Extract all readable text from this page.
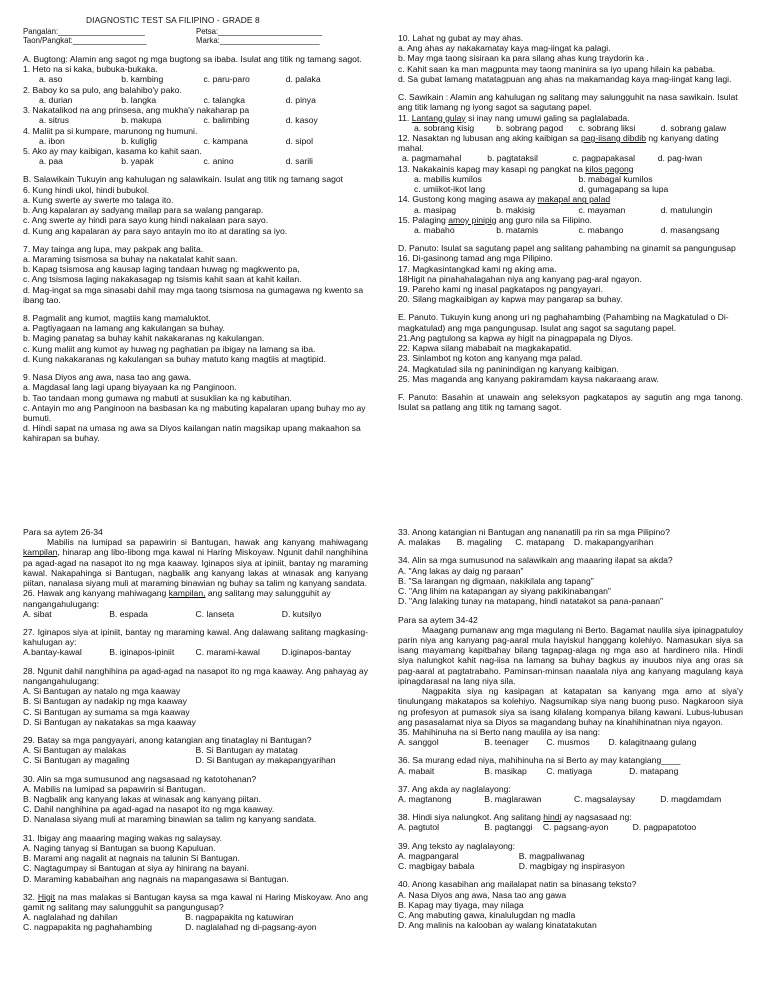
DIAGNOSTIC TEST SA FILIPINO - GRADE 8
Pangalan:____________________	Petsa:________________________
Taon/Pangkat:_________________	Marka:_______________________
A. Bugtong: Alamin ang sagot ng mga bugtong sa ibaba. Isulat ang titik ng tamang sagot.
1. Heto na si kaka, bubuka-bukaka.
a. aso	b. kambing	c. paru-paro	d. palaka
2. Baboy ko sa pulo, ang balahibo'y pako.
a. durian	b. langka	c. talangka	d. pinya
3. Nakatalikod na ang prinsesa, ang mukha'y nakaharap pa
a. sitrus	b. makupa	c. balimbing	d. kasoy
4. Maliit pa si kumpare, marunong ng humuni.
a. ibon	b. kuliglig	c. kampana	d. sipol
5. Ako ay may kaibigan, kasama ko kahit saan.
a. paa	b. yapak	c. anino	d. sarili
B. Salawikain Tukuyin ang kahulugan ng salawikain. Isulat ang titik ng tamang sagot
6. Kung hindi ukol, hindi bubukol.
a. Kung swerte ay swerte mo talaga ito.
b. Ang kapalaran ay sadyang mailap para sa walang pangarap.
c. Ang swerte ay hindi para sayo kung hindi nakalaan para sayo.
d. Kung ang kapalaran ay para sayo antayin mo ito at darating sa iyo.
7. May tainga ang lupa, may pakpak ang balita.
a. Maraming tsismosa sa buhay na nakatalat kahit saan.
b. Kapag tsismosa ang kausap laging tandaan huwag ng magkwento pa,
c. Ang tsismosa laging nakakasagap ng tsismis kahit saan at kahit kailan.
d. Mag-ingat sa mga sinasabi dahil may mga taong tsismosa na gumagawa ng kwento sa ibang tao.
8. Pagmalit ang kumot, magtiis kang mamaluktot.
a. Pagtiyagaan na lamang ang kakulangan sa buhay.
b. Maging panatag sa buhay kahit nakakaranas ng kakulangan.
c. Kung maliit ang kumot ay huwag ng paghatian pa ibigay na lamang sa iba.
d. Kung nakakaranas ng kakulangan sa buhay matuto kang magtiis at magtipid.
9. Nasa Diyos ang awa, nasa tao ang gawa.
a. Magdasal lang lagi upang biyayaan ka ng Panginoon.
b. Tao tandaan mong gumawa ng mabuti at susuklian ka ng kabutihan.
c. Antayin mo ang Panginoon na basbasan ka ng mabuting kapalaran upang buhay mo ay bumuti.
d. Hindi sapat na umasa ng awa sa Diyos kailangan natin magsikap upang makaahon sa kahirapan sa buhay.
10. Lahat ng gubat ay may ahas.
a. Ang ahas ay nakakamatay kaya mag-iingat ka palagi.
b. May mga taong sisiraan ka para silang ahas kung traydorin ka .
c. Kahit saan ka man magpunta may taong maninira sa iyo upang hilain ka pababa.
d. Sa gubat lamang matatagpuan ang ahas na makamandag kaya mag-iingat kang lagi.
C. Sawikain : Alamin ang kahulugan ng salitang may salungguhit na nasa sawikain. Isulat ang titik lamang ng iyong sagot sa sagutang papel.
11. Lantang gulay si inay nang umuwi galing sa paglalabada.
a. sobrang kisig	b. sobrang pagod	c. sobrang liksi	d. sobrang galaw
12. Nasaktan ng lubusan ang aking kaibigan sa pag-iisang dibdib ng kanyang dating mahal.
a. pagmamahal	b. pagtataksil	c. pagpapakasal	d. pag-iwan
13. Nakakainis kapag may kasapi ng pangkat na kilos pagong
a. mabilis kumilos	b. mabagal kumilos
c. umiikot-ikot lang	d. gumagapang sa lupa
14. Gustong kong maging asawa ay makapal ang palad
a. masipag	b. makisig	c. mayaman	d. matulungin
15. Palaging amoy pinipig ang guro nila sa Filipino.
a. mabaho	b. matamis	c. mabango	d. masangsang
D. Panuto: Isulat sa sagutang papel ang salitang pahambing na ginamit sa pangungusap
16. Di-gasinong tamad ang mga Pilipino.
17. Magkasintangkad kami ng aking ama.
18Higit na pinahahalagahan niya ang kanyang pag-aral ngayon.
19. Pareho kami ng inasal pagkatapos ng pangyayari.
20. Silang magkaibigan ay kapwa may pangarap sa buhay.
E. Panuto. Tukuyin kung anong uri ng paghahambing (Pahambing na Magkatulad o Di-magkatulad) ang mga pangungusap. Isulat ang sagot sa sagutang papel.
21.Ang pagtulong sa kapwa ay higit na pinagpapala ng Diyos.
22. Kapwa silang mababait na magkakapatid.
23. Sinlambot ng koton ang kanyang mga palad.
24. Magkatulad sila ng paninindigan ng kanyang kaibigan.
25. Mas maganda ang kanyang pakiramdam kaysa nakaraang araw.
F. Panuto: Basahin at unawain ang seleksyon pagkatapos ay sagutin ang mga tanong. Isulat sa patlang ang titik ng tamang sagot.
Para sa aytem 26-34
Mabilis na lumipad sa papawirin si Bantugan, hawak ang kanyang mahiwagang kampilan, hinarap ang libo-libong mga kawal ni Haring Miskoyaw. Ngunit dahil nanghihina pa agad-agad na nasapot ito ng mga kaaway. Iginapos siya at ipiniit, bantay ng maraming kawal. Nakapahinga si Bantugan, nagbalik ang kanyang lakas at winasak ang kanyang piitan, nanalasa siyang muli at maraming binawian ng buhay sa talim ng kanyang sandata.
26. Hawak ang kanyang mahiwagang kampilan, ang salitang may salungguhit ay nangangahulugang:
A. sibat	B. espada	C. lanseta	D. kutsilyo
27. Iginapos siya at ipiniit, bantay ng maraming kawal. Ang dalawang salitang magkasing-kahulugan ay:
A.bantay-kawal	B. iginapos-ipiniit	C. marami-kawal	D.iginapos-bantay
28. Ngunit dahil nanghihina pa agad-agad na nasapot ito ng mga kaaway. Ang pahayag ay nangangahulugang:
A. Si Bantugan ay natalo ng mga kaaway
B. Si Bantugan ay nadakip ng mga kaaway
C. Si Bantugan ay sumama sa mga kaaway
D. Si Bantugan ay nakatakas sa mga kaaway
29. Batay sa mga pangyayari, anong katangian ang tinataglay ni Bantugan?
A. Si Bantugan ay malakas	B. Si Bantugan ay matatag
C. Si Bantugan ay magaling	D. Si Bantugan ay makapangyarihan
30. Alin sa mga sumusunod ang nagsasaad ng katotohanan?
A. Mabilis na lumipad sa papawirin si Bantugan.
B. Nagbalik ang kanyang lakas at winasak ang kanyang piitan.
C. Dahil nanghihina pa agad-agad na nasapot ito ng mga kaaway.
D. Nanalasa siyang muli at maraming binawian sa talim ng kanyang sandata.
31. Ibigay ang maaaring maging wakas ng salaysay.
A. Naging tanyag si Bantugan sa buong Kapuluan.
B. Marami ang nagalit at nagnais na talunin Si Bantugan.
C. Nagtagumpay si Bantugan at siya ay hinirang na bayani.
D. Maraming kababaihan ang nagnais na mapangasawa si Bantugan.
32. Higit na mas malakas si Bantugan kaysa sa mga kawal ni Haring Miskoyaw. Ano ang gamit ng salitang may salungguhit sa pangungusap?
A. naglalahad ng dahilan	B. nagpapakita ng katuwiran
C. nagpapakita ng paghahambing	D. naglalahad ng di-pagsang-ayon
33. Anong katangian ni Bantugan ang nananatili pa rin sa mga Pilipino?
A. malakas	B. magaling	C. matapang	D. makapangyarihan
34. Alin sa mga sumusunod na salawikain ang maaaring ilapat sa akda?
A. "Ang lakas ay daig ng paraan"
B. "Sa larangan ng digmaan, nakikilala ang tapang"
C. "Ang lihim na katapangan ay siyang pakikinabangan"
D. "Ang lalaking tunay na matapang, hindi natatakot sa pana-panaan"
Para sa aytem 34-42
Maagang pumanaw ang mga magulang ni Berto. Bagamat naulila siya ipinagpatuloy parin niya ang kanyang pag-aaral mula hayiskul hanggang kolehiyo. Namasukan siya sa isang mayamang kapitbahay bilang tagapag-alaga ng mga aso at hardinero nila. Hindi siya nalungkot kahit nag-iisa na lamang sa buhay bagkus ay inuubos niya ang oras sa pag-aaral at pagtatrabaho. Paminsan-minsan naaalala niya ang kanyang magulang kaya ipinagdarasal na lang niya sila.
Nagpakita siya ng kasipagan at katapatan sa kanyang mga amo at siya'y tinulungang makatapos sa kolehiyo. Nagsumikap siya nang buong puso. Nagkaroon siya ng profesyon at pumasok siya sa isang kilalang kompanya bilang kawani. Lubus-lubusan ang pasasalamat niya sa Diyos sa magandang buhay na kinahihinatnan niya ngayon.
35. Mahihinuha na si Berto nang maulila ay isa nang:
A. sanggol	B. teenager	C. musmos	D. kalagitnaang gulang
36. Sa murang edad niya, mahihinuha na si Berto ay may katangiang____
A. mabait	B. masikap	C. matiyaga	D. matapang
37. Ang akda ay naglalayong:
A. magtanong	B. maglarawan	C. magsalaysay	D. magdamdam
38. Hindi siya nalungkot. Ang salitang hindi ay nagsasaad ng:
A. pagtutol	B. pagtanggi	C. pagsang-ayon	D. pagpapatotoo
39. Ang teksto ay naglalayong:
A. magpangaral	B. magpaliwanag
C. magbigay babala	D. magbigay ng inspirasyon
40. Anong kasabihan ang mailalapat natin sa binasang teksto?
A. Nasa Diyos ang awa, Nasa tao ang gawa
B. Kapag may tiyaga, may nilaga
C. Ang mabuting gawa, kinalulugdan ng madla
D. Ang malinis na kalooban ay walang kinatatakutan
